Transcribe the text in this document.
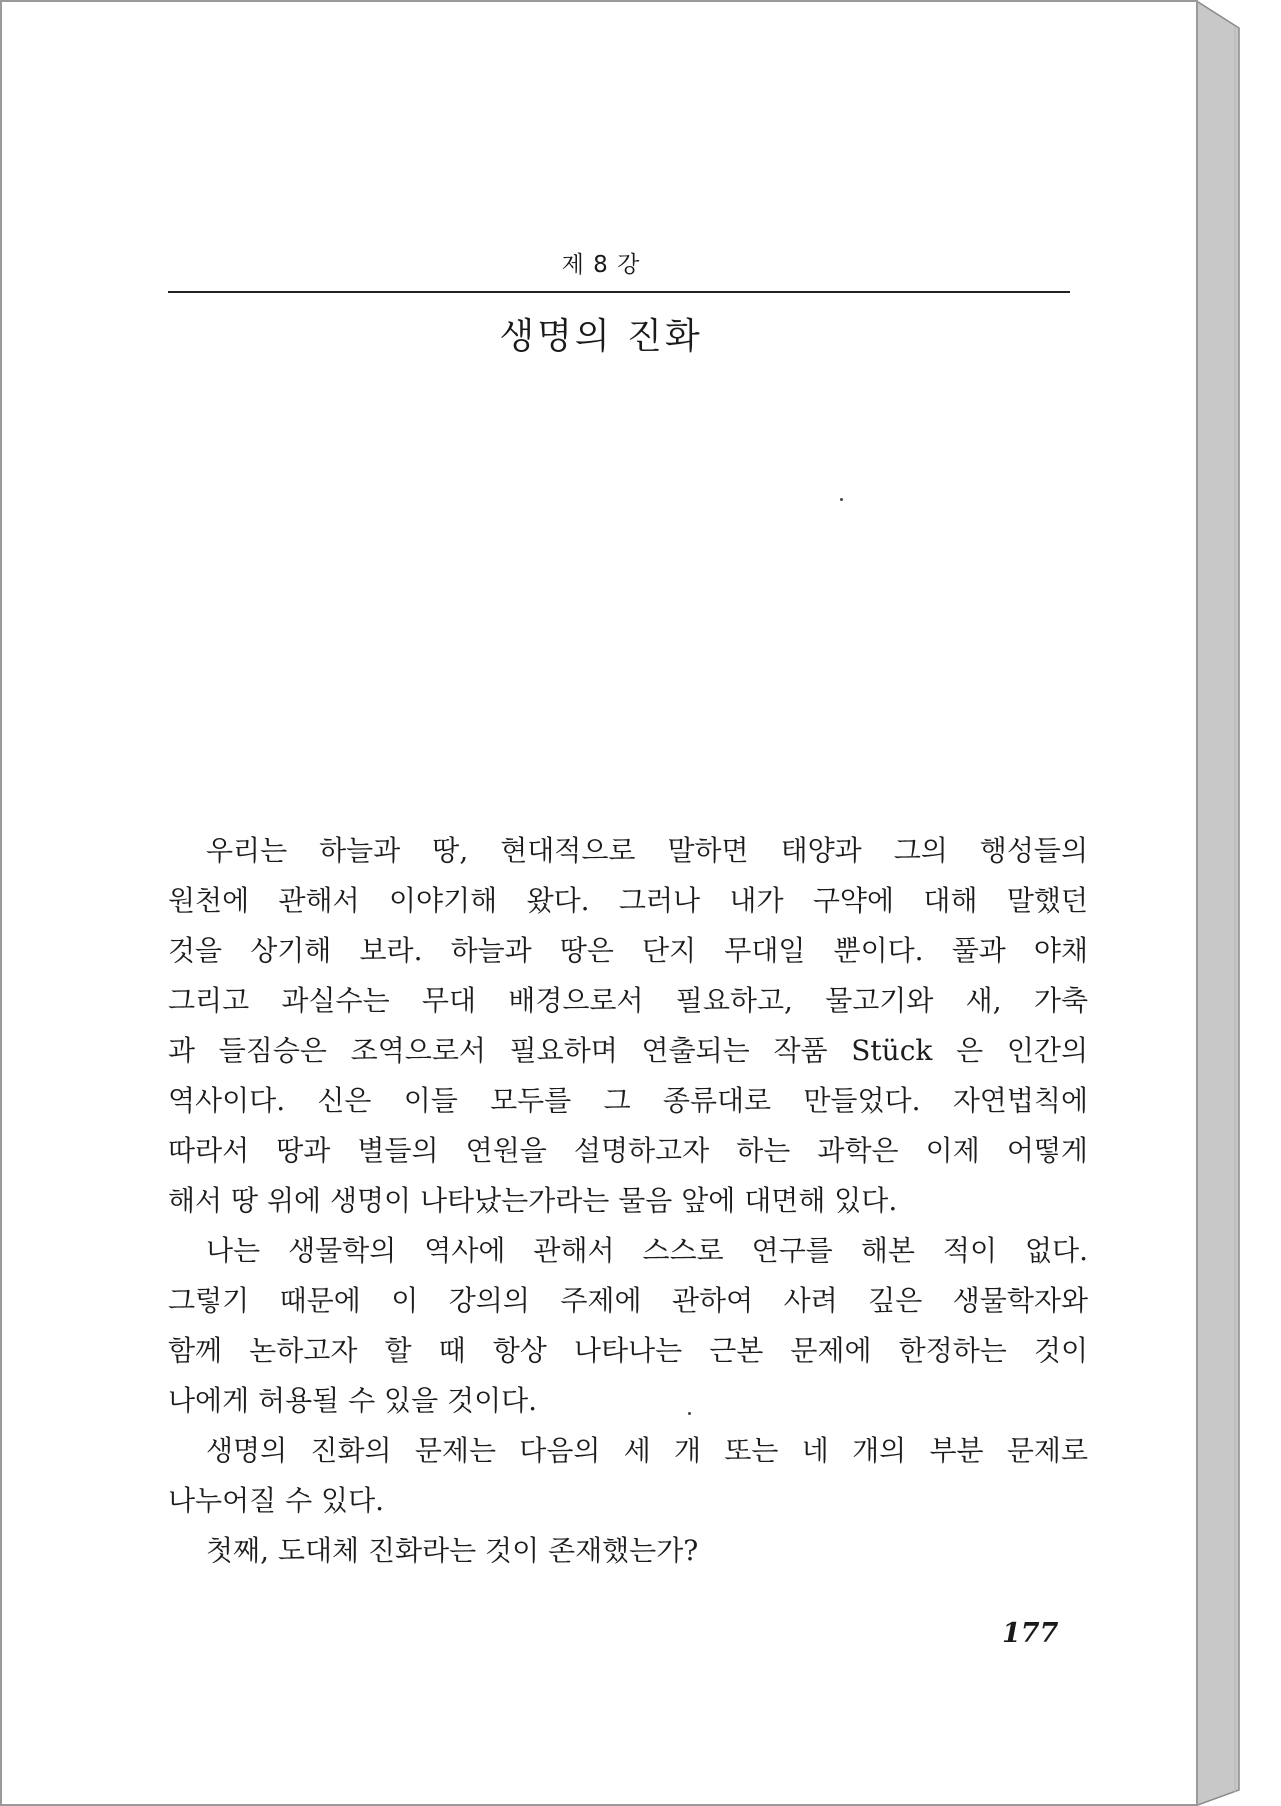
제 8 강
생명의 진화
우리는 하늘과 땅, 현대적으로 말하면 태양과 그의 행성들의
원천에 관해서 이야기해 왔다. 그러나 내가 구약에 대해 말했던
것을 상기해 보라. 하늘과 땅은 단지 무대일 뿐이다. 풀과 야채
그리고 과실수는 무대 배경으로서 필요하고, 물고기와 새, 가축
과 들짐승은 조역으로서 필요하며 연출되는 작품 Stück 은 인간의
역사이다. 신은 이들 모두를 그 종류대로 만들었다. 자연법칙에
따라서 땅과 별들의 연원을 설명하고자 하는 과학은 이제 어떻게
해서 땅 위에 생명이 나타났는가라는 물음 앞에 대면해 있다.
나는 생물학의 역사에 관해서 스스로 연구를 해본 적이 없다.
그렇기 때문에 이 강의의 주제에 관하여 사려 깊은 생물학자와
함께 논하고자 할 때 항상 나타나는 근본 문제에 한정하는 것이
나에게 허용될 수 있을 것이다.
생명의 진화의 문제는 다음의 세 개 또는 네 개의 부분 문제로
나누어질 수 있다.
첫째, 도대체 진화라는 것이 존재했는가?
177
